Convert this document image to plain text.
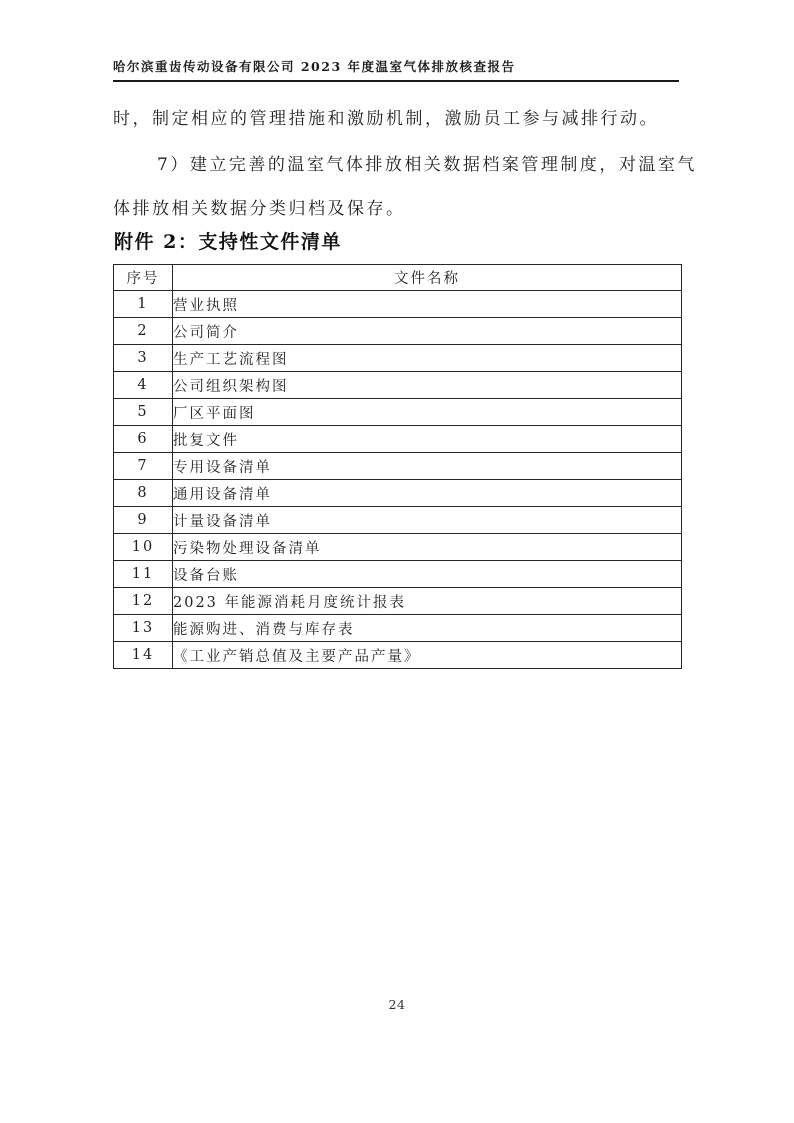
哈尔滨重齿传动设备有限公司 2023 年度温室气体排放核查报告
时，制定相应的管理措施和激励机制，激励员工参与减排行动。
7）建立完善的温室气体排放相关数据档案管理制度，对温室气
体排放相关数据分类归档及保存。
附件 2：支持性文件清单
序号	文件名称
1	营业执照
2	公司简介
3	生产工艺流程图
4	公司组织架构图
5	厂区平面图
6	批复文件
7	专用设备清单
8	通用设备清单
9	计量设备清单
10	污染物处理设备清单
11	设备台账
12	2023 年能源消耗月度统计报表
13	能源购进、消费与库存表
14	《工业产销总值及主要产品产量》
24
